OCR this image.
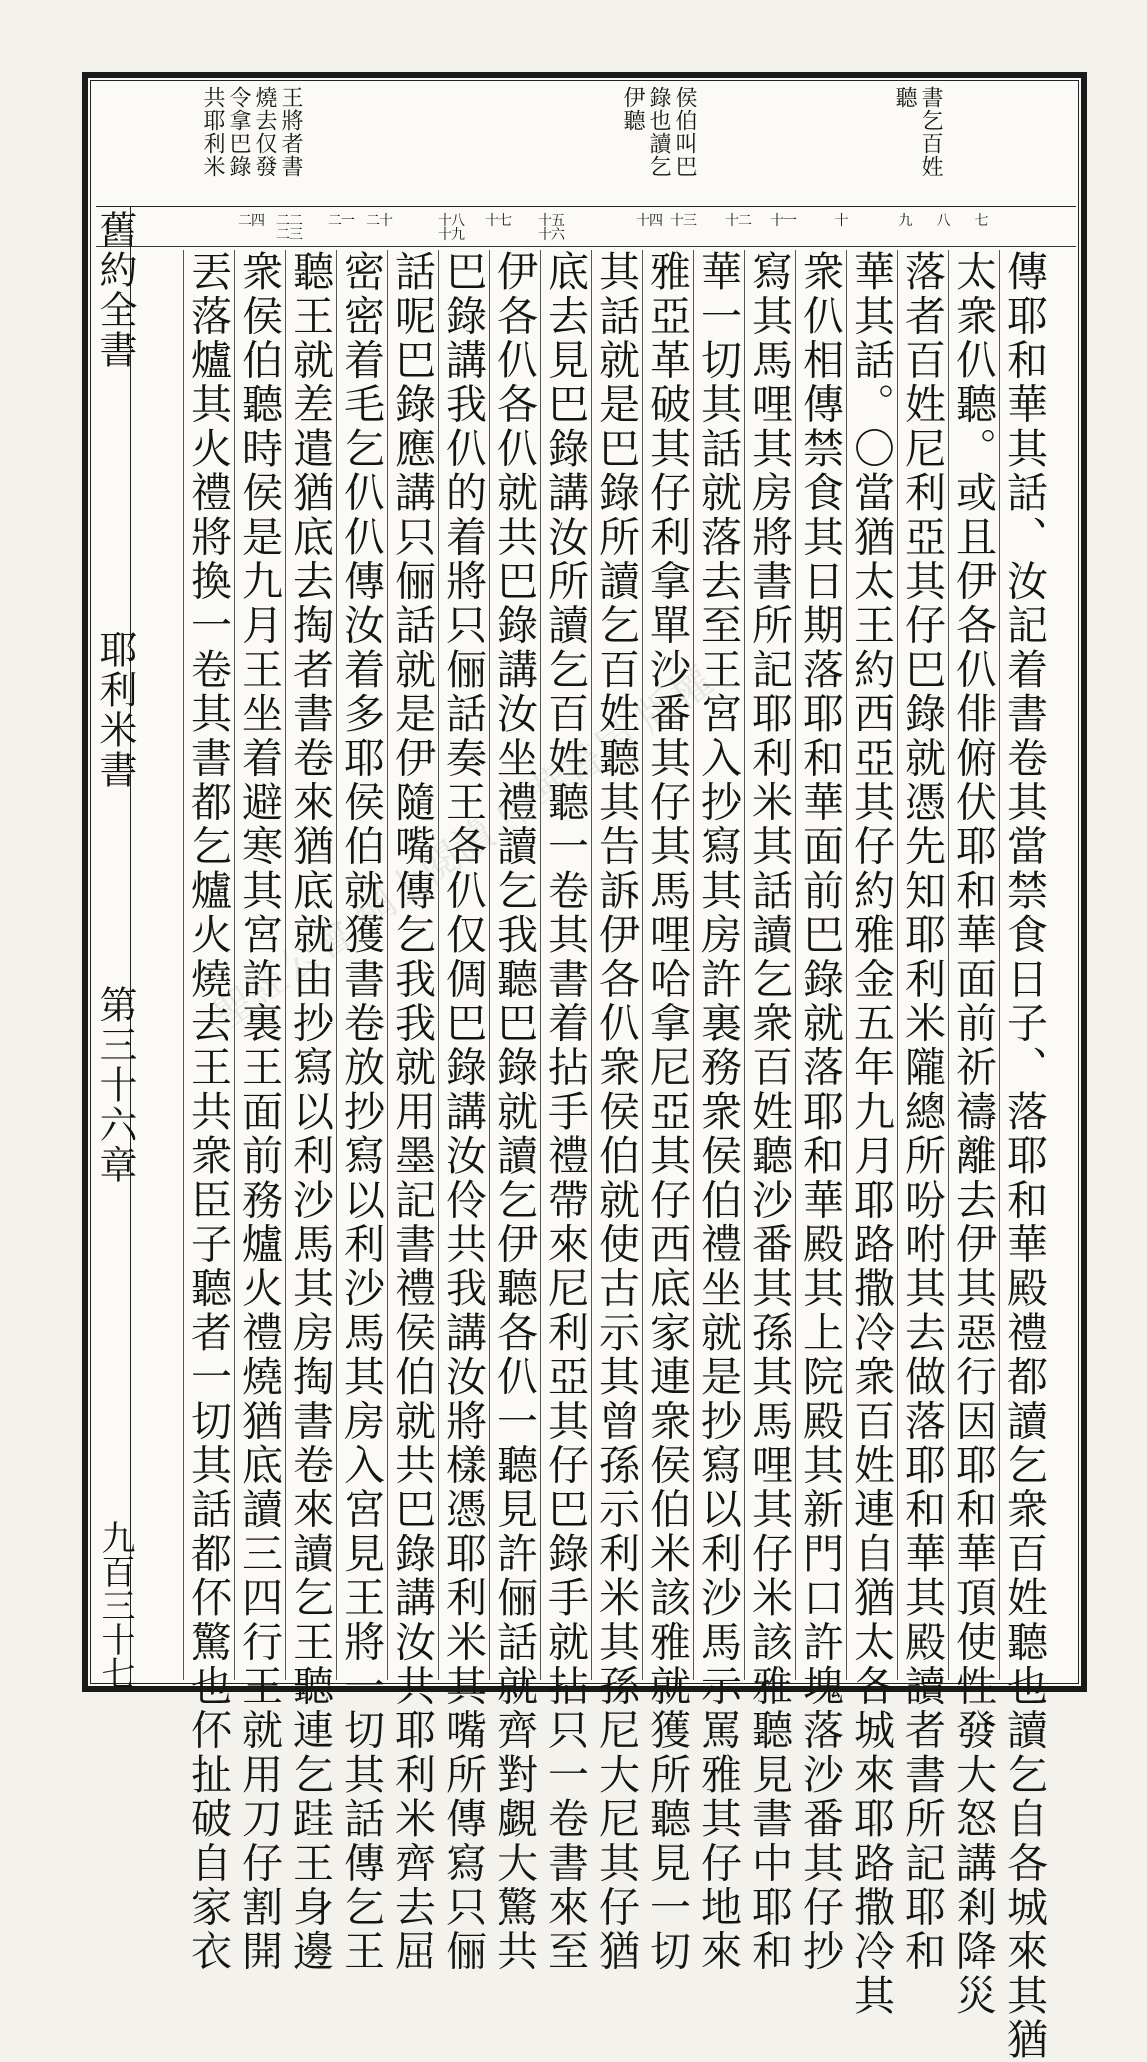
共耶利米 令拿巴錄 燒去仅發 王將者書	伊聽 錄也讀乞 侯伯叫巴	聽 書乞百姓
七
八
九
十
十一
十二
十三
十四
十五十六
十七
十八十九
二十
二一
二二二三
二四
舊約全書
耶利米書
第三十六章
九百三十七	傳耶和華其話、汝記着書卷其當禁食日子、落耶和華殿禮都讀乞衆百姓聽也讀乞自各城來其猶
太衆仈聽。或且伊各仈俳俯伏耶和華面前祈禱離去伊其惡行因耶和華頂使性發大怒講剎降災
落者百姓尼利亞其仔巴錄就憑先知耶利米隴總所吩咐其去做落耶和華其殿讀者書所記耶和
華其話。〇當猶太王約西亞其仔約雅金五年九月耶路撒冷衆百姓連自猶太各城來耶路撒冷其
衆仈相傳禁食其日期落耶和華面前巴錄就落耶和華殿其上院殿其新門口許塊落沙番其仔抄
寫其馬哩其房將書所記耶利米其話讀乞衆百姓聽沙番其孫其馬哩其仔米該雅聽見書中耶和
華一切其話就落去至王宮入抄寫其房許裏務衆侯伯禮坐就是抄寫以利沙馬示罵雅其仔地來
雅亞革破其仔利拿單沙番其仔其馬哩哈拿尼亞其仔西底家連衆侯伯米該雅就獲所聽見一切
其話就是巴錄所讀乞百姓聽其告訴伊各仈衆侯伯就使古示其曾孫示利米其孫尼大尼其仔猶
底去見巴錄講汝所讀乞百姓聽一卷其書着拈手禮帶來尼利亞其仔巴錄手就拈只一卷書來至
伊各仈各仈就共巴錄講汝坐禮讀乞我聽巴錄就讀乞伊聽各仈一聽見許俪話就齊對覷大驚共
巴錄講我仈的着將只俪話奏王各仈仅倜巴錄講汝伶共我講汝將樣憑耶利米其嘴所傳寫只俪
話呢巴錄應講只俪話就是伊隨嘴傳乞我我就用墨記書禮侯伯就共巴錄講汝共耶利米齊去屈
密密着毛乞仈仈傳汝着多耶侯伯就獲書卷放抄寫以利沙馬其房入宮見王將一切其話傳乞王
聽王就差遣猶底去掏者書卷來猶底就由抄寫以利沙馬其房掏書卷來讀乞王聽連乞跬王身邊
衆侯伯聽時侯是九月王坐着避寒其宮許裏王面前務爐火禮燒猶底讀三四行王就用刀仔割開
丟落爐其火禮將換一卷其書都乞爐火燒去王共衆臣子聽者一切其話都伓驚也伓扯破自家衣
